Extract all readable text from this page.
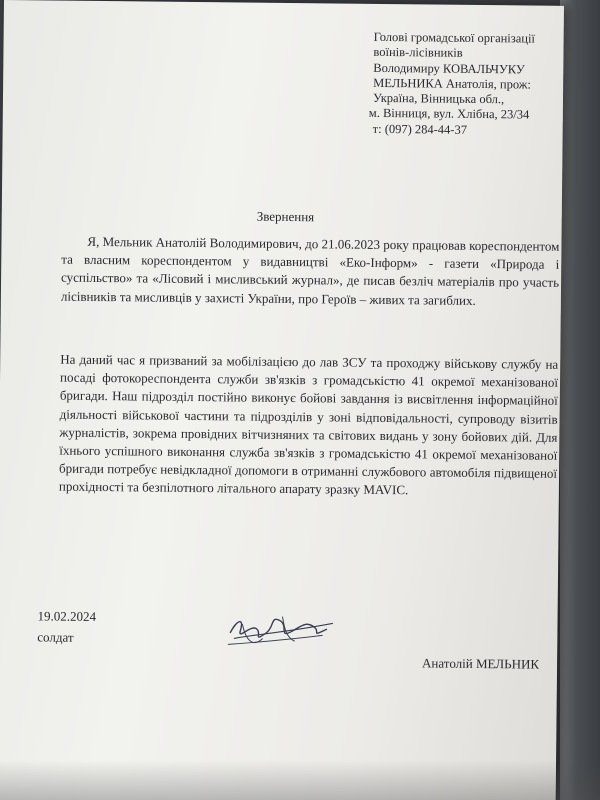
Голові громадської організації
воїнів-лісівників
Володимиру КОВАЛЬЧУКУ
МЕЛЬНИКА Анатолія, прож:
Україна, Вінницька обл.,
м. Вінниця, вул. Хлібна, 23/34
т: (097) 284-44-37
Звернення
Я, Мельник Анатолій Володимирович, до 21.06.2023 року працював кореспондентом та власним кореспондентом у видавництві «Еко-Інформ» - газети «Природа і суспільство» та «Лісовий і мисливський журнал», де писав безліч матеріалів про участь лісівників та мисливців у захисті України, про Героїв – живих та загиблих.
На даний час я призваний за мобілізацією до лав ЗСУ та проходжу військову службу на посаді фотокореспондента служби зв'язків з громадськістю 41 окремої механізованої бригади. Наш підрозділ постійно виконує бойові завдання із висвітлення інформаційної діяльності військової частини та підрозділів у зоні відповідальності, супроводу візитів журналістів, зокрема провідних вітчизняних та світових видань у зону бойових дій. Для їхнього успішного виконання служба зв'язків з громадськістю 41 окремої механізованої бригади потребує невідкладної допомоги в отриманні службового автомобіля підвищеної прохідності та безпілотного літального апарату зразку MAVIC.
19.02.2024
солдат
Анатолій МЕЛЬНИК
